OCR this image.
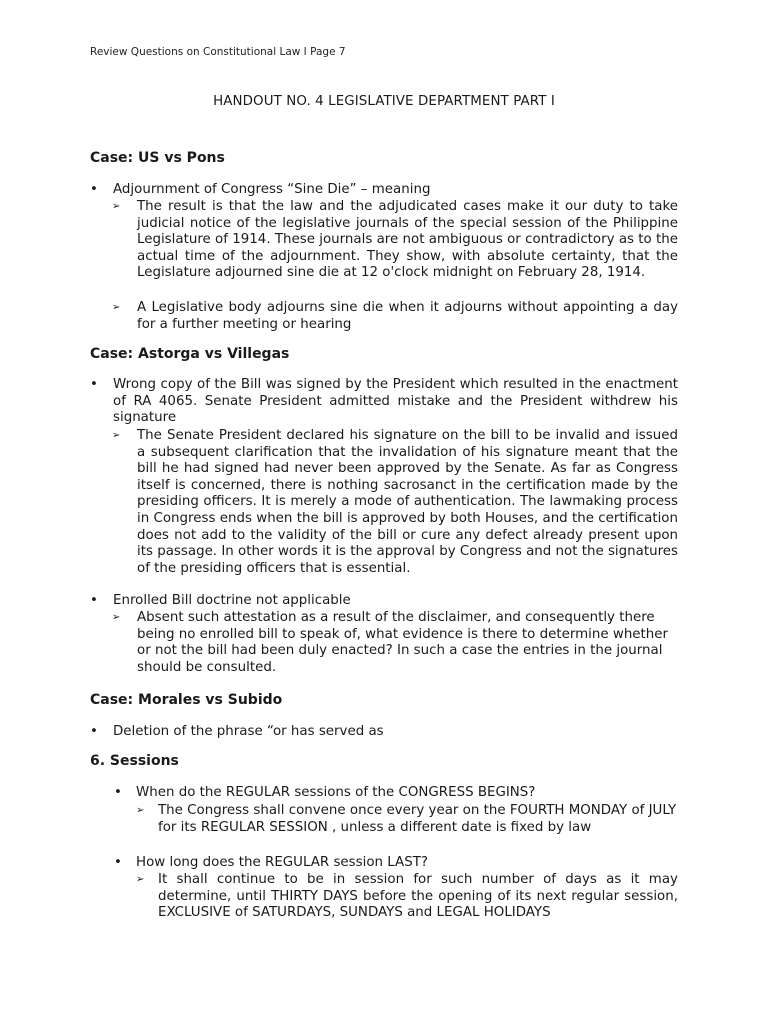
Review Questions on Constitutional Law I Page 7
HANDOUT NO. 4 LEGISLATIVE DEPARTMENT PART I
Case: US vs Pons
• Adjournment of Congress “Sine Die” – meaning
➢ The result is that the law and the adjudicated cases make it our duty to take judicial notice of the legislative journals of the special session of the Philippine Legislature of 1914. These journals are not ambiguous or contradictory as to the actual time of the adjournment. They show, with absolute certainty, that the Legislature adjourned sine die at 12 o'clock midnight on February 28, 1914.
➢ A Legislative body adjourns sine die when it adjourns without appointing a day for a further meeting or hearing
Case: Astorga vs Villegas
• Wrong copy of the Bill was signed by the President which resulted in the enactment of RA 4065. Senate President admitted mistake and the President withdrew his signature
➢ The Senate President declared his signature on the bill to be invalid and issued a subsequent clarification that the invalidation of his signature meant that the bill he had signed had never been approved by the Senate. As far as Congress itself is concerned, there is nothing sacrosanct in the certification made by the presiding officers. It is merely a mode of authentication. The lawmaking process in Congress ends when the bill is approved by both Houses, and the certification does not add to the validity of the bill or cure any defect already present upon its passage. In other words it is the approval by Congress and not the signatures of the presiding officers that is essential.
• Enrolled Bill doctrine not applicable
➢ Absent such attestation as a result of the disclaimer, and consequently there being no enrolled bill to speak of, what evidence is there to determine whether or not the bill had been duly enacted? In such a case the entries in the journal should be consulted.
Case: Morales vs Subido
• Deletion of the phrase “or has served as
6. Sessions
• When do the REGULAR sessions of the CONGRESS BEGINS?
➢ The Congress shall convene once every year on the FOURTH MONDAY of JULY for its REGULAR SESSION , unless a different date is fixed by law
• How long does the REGULAR session LAST?
➢ It shall continue to be in session for such number of days as it may determine, until THIRTY DAYS before the opening of its next regular session, EXCLUSIVE of SATURDAYS, SUNDAYS and LEGAL HOLIDAYS
